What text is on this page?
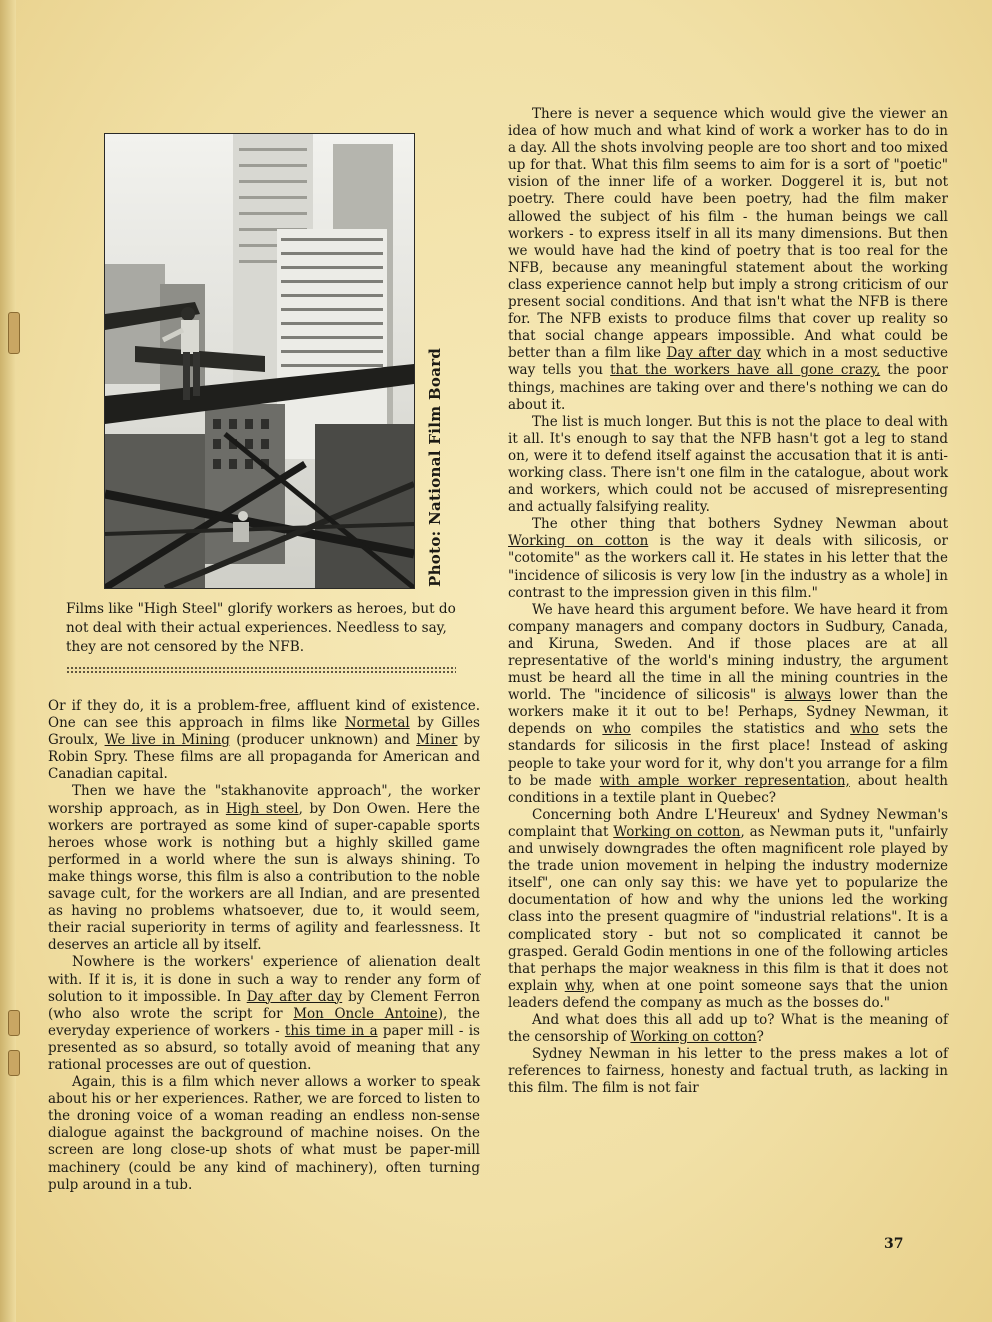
Photo: National Film Board

Films like "High Steel" glorify workers as heroes, but do not deal with their actual experiences. Needless to say, they are not censored by the NFB.

Or if they do, it is a problem-free, affluent kind of existence. One can see this approach in films like Normetal by Gilles Groulx, We live in Mining (producer unknown) and Miner by Robin Spry. These films are all propaganda for American and Canadian capital.

Then we have the "stakhanovite approach", the worker worship approach, as in High steel, by Don Owen. Here the workers are portrayed as some kind of super-capable sports heroes whose work is nothing but a highly skilled game performed in a world where the sun is always shining. To make things worse, this film is also a contribution to the noble savage cult, for the workers are all Indian, and are presented as having no problems whatsoever, due to, it would seem, their racial superiority in terms of agility and fearlessness. It deserves an article all by itself.

Nowhere is the workers' experience of alienation dealt with. If it is, it is done in such a way to render any form of solution to it impossible. In Day after day by Clement Ferron (who also wrote the script for Mon Oncle Antoine), the everyday experience of workers - this time in a paper mill - is presented as so absurd, so totally avoid of meaning that any rational processes are out of question.

Again, this is a film which never allows a worker to speak about his or her experiences. Rather, we are forced to listen to the droning voice of a woman reading an endless non-sense dialogue against the background of machine noises. On the screen are long close-up shots of what must be paper-mill machinery (could be any kind of machinery), often turning pulp around in a tub.

There is never a sequence which would give the viewer an idea of how much and what kind of work a worker has to do in a day. All the shots involving people are too short and too mixed up for that. What this film seems to aim for is a sort of "poetic" vision of the inner life of a worker. Doggerel it is, but not poetry. There could have been poetry, had the film maker allowed the subject of his film - the human beings we call workers - to express itself in all its many dimensions. But then we would have had the kind of poetry that is too real for the NFB, because any meaningful statement about the working class experience cannot help but imply a strong criticism of our present social conditions. And that isn't what the NFB is there for. The NFB exists to produce films that cover up reality so that social change appears impossible. And what could be better than a film like Day after day which in a most seductive way tells you that the workers have all gone crazy, the poor things, machines are taking over and there's nothing we can do about it.

The list is much longer. But this is not the place to deal with it all. It's enough to say that the NFB hasn't got a leg to stand on, were it to defend itself against the accusation that it is anti-working class. There isn't one film in the catalogue, about work and workers, which could not be accused of misrepresenting and actually falsifying reality.

The other thing that bothers Sydney Newman about Working on cotton is the way it deals with silicosis, or "cotomite" as the workers call it. He states in his letter that the "incidence of silicosis is very low [in the industry as a whole] in contrast to the impression given in this film."

We have heard this argument before. We have heard it from company managers and company doctors in Sudbury, Canada, and Kiruna, Sweden. And if those places are at all representative of the world's mining industry, the argument must be heard all the time in all the mining countries in the world. The "incidence of silicosis" is always lower than the workers make it it out to be! Perhaps, Sydney Newman, it depends on who compiles the statistics and who sets the standards for silicosis in the first place! Instead of asking people to take your word for it, why don't you arrange for a film to be made with ample worker representation, about health conditions in a textile plant in Quebec?

Concerning both Andre L'Heureux' and Sydney Newman's complaint that Working on cotton, as Newman puts it, "unfairly and unwisely downgrades the often magnificent role played by the trade union movement in helping the industry modernize itself", one can only say this: we have yet to popularize the documentation of how and why the unions led the working class into the present quagmire of "industrial relations". It is a complicated story - but not so complicated it cannot be grasped. Gerald Godin mentions in one of the following articles that perhaps the major weakness in this film is that it does not explain why, when at one point someone says that the union leaders defend the company as much as the bosses do."

And what does this all add up to? What is the meaning of the censorship of Working on cotton?

Sydney Newman in his letter to the press makes a lot of references to fairness, honesty and factual truth, as lacking in this film. The film is not fair

37
